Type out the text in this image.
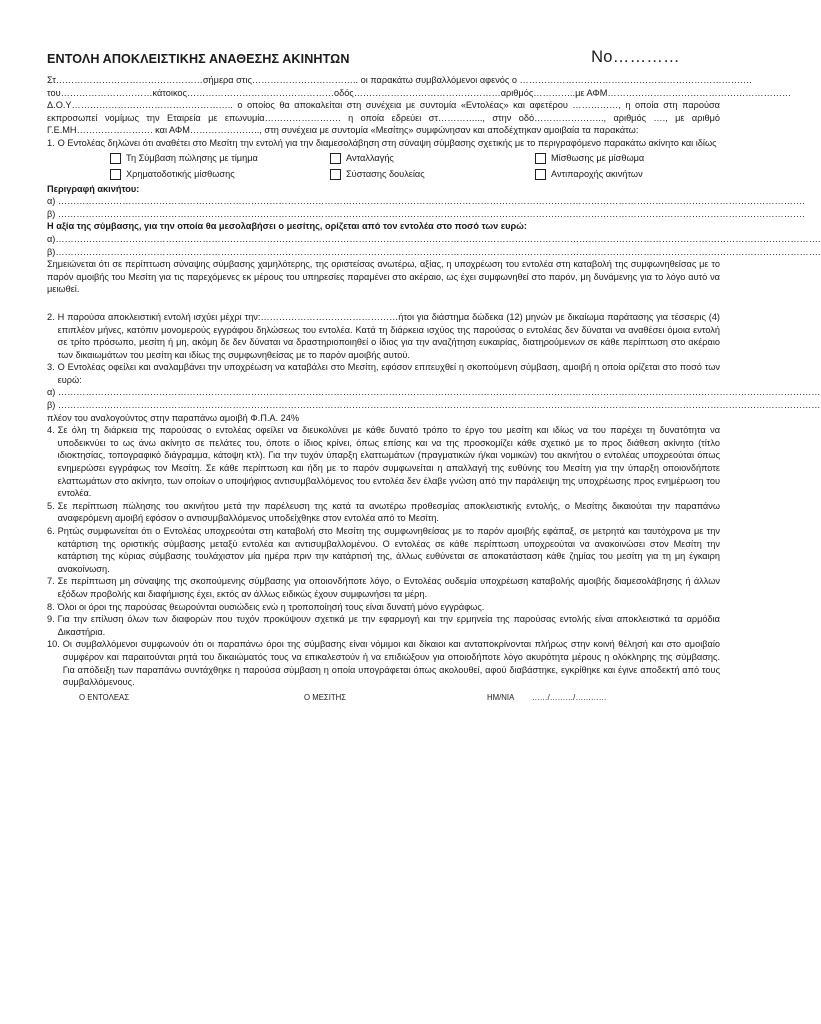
ΕΝΤΟΛΗ ΑΠΟΚΛΕΙΣΤΙΚΗΣ ΑΝΑΘΕΣΗΣ ΑΚΙΝΗΤΩΝ	Νο…………
Στ…………………………………………σήμερα στις…………………………….. οι παρακάτω συμβαλλόμενοι αφενός ο ………………………………………………………………….
του…………………………κάτοικος…………………………………………οδός…………………………………………αριθμός…………..με ΑΦΜ……………………………………………………

Δ.Ο.Υ…………………………………………….. ο οποίος θα αποκαλείται στη συνέχεια με συντομία «Εντολέας» και αφετέρου ……………, η οποία στη παρούσα εκπροσωπεί νομίμως την Εταιρεία με επωνυμία……………………. η οποία εδρεύει στ…………..., στην οδό………………….., αριθμός …., με αριθμό Γ.Ε.ΜΗ……………………. και ΑΦΜ………………….., στη συνέχεια με συντομία «Μεσίτης» συμφώνησαν και αποδέχτηκαν αμοιβαία τα παρακάτω:

1. Ο Εντολέας δηλώνει ότι αναθέτει στο Μεσίτη την εντολή για την διαμεσολάβηση στη σύναψη σύμβασης σχετικής με το περιγραφόμενο παρακάτω ακίνητο και ιδίως
Τη Σύμβαση πώλησης με τίμημα	Ανταλλαγής	Μίσθωσης με μίσθωμα
Χρηματοδοτικής μίσθωσης	Σύστασης δουλείας	Αντιπαροχής ακινήτων

Περιγραφή ακινήτου:

α) ……………………………………………………………………………………………………………………………………………………………………………………………………………………….
β) ……………………………………………………………………………………………………………………………………………………………………………………………………………………….

Η αξία της σύμβασης, για την οποία θα μεσολαβήσει ο μεσίτης, ορίζεται από τον εντολέα στο ποσό των ευρώ:

α)…………………………………………………………………………………………………………………………………………………………………………………………………………………………….
β)…………………………………………………………………………………………………………………………………………………………………………………………………………………………….

Σημειώνεται ότι σε περίπτωση σύναψης σύμβασης χαμηλότερης, της οριστείσας ανωτέρω, αξίας, η υποχρέωση του εντολέα στη καταβολή της συμφωνηθείσας με το παρόν αμοιβής του Μεσίτη για τις παρεχόμενες εκ μέρους του υπηρεσίες παραμένει στο ακέραιο, ως έχει συμφωνηθεί στο παρόν, μη δυνάμενης για το λόγο αυτό να μειωθεί.

2. Η παρούσα αποκλειστική εντολή ισχύει μέχρι την:………………………………………ήτοι για διάστημα δώδεκα (12) μηνών με δικαίωμα παράτασης για τέσσερις (4) επιπλέον μήνες, κατόπιν μονομερούς εγγράφου δηλώσεως του εντολέα. Κατά τη διάρκεια ισχύος της παρούσας ο εντολέας δεν δύναται να αναθέσει όμοια εντολή σε τρίτο πρόσωπο, μεσίτη ή μη, ακόμη δε δεν δύναται να δραστηριοποιηθεί ο ίδιος για την αναζήτηση ευκαιρίας, διατηρούμενων σε κάθε περίπτωση στο ακέραιο των δικαιωμάτων του μεσίτη και ιδίως της συμφωνηθείσας με το παρόν αμοιβής αυτού.
3. Ο Εντολέας οφείλει και αναλαμβάνει την υποχρέωση να καταβάλει στο Μεσίτη, εφόσον επιτευχθεί η σκοπούμενη σύμβαση, αμοιβή η οποία ορίζεται στο ποσό των ευρώ:
α) ……………………………………………………………………………………………………………………………………………………………………………………………………………………………
β) ……………………………………………………………………………………………………………………………………………………………………………………………………………………………

πλέον του αναλογούντος στην παραπάνω αμοιβή Φ.Π.Α. 24%

4. Σε όλη τη διάρκεια της παρούσας ο εντολέας οφείλει να διευκολύνει με κάθε δυνατό τρόπο το έργο του μεσίτη και ιδίως να του παρέχει τη δυνατότητα να υποδεικνύει το ως άνω ακίνητο σε πελάτες του, όποτε ο ίδιος κρίνει, όπως επίσης και να της προσκομίζει κάθε σχετικό με το προς διάθεση ακίνητο (τίτλο ιδιοκτησίας, τοπογραφικό διάγραμμα, κάτοψη κτλ). Για την τυχόν ύπαρξη ελαττωμάτων (πραγματικών ή/και νομικών) του ακινήτου ο εντολέας υποχρεούται όπως ενημερώσει εγγράφως τον Μεσίτη. Σε κάθε περίπτωση και ήδη με το παρόν συμφωνείται η απαλλαγή της ευθύνης του Μεσίτη για την ύπαρξη οποιονδήποτε ελαττωμάτων στο ακίνητο, των οποίων ο υποψήφιος αντισυμβαλλόμενος του εντολέα δεν έλαβε γνώση από την παράλειψη της υποχρέωσης προς ενημέρωση του εντολέα.
5. Σε περίπτωση πώλησης του ακινήτου μετά την παρέλευση της κατά τα ανωτέρω προθεσμίας αποκλειστικής εντολής, ο Μεσίτης δικαιούται την παραπάνω αναφερόμενη αμοιβή εφόσον ο αντισυμβαλλόμενος υποδείχθηκε στον εντολέα από το Μεσίτη.
6. Ρητώς συμφωνείται ότι ο Εντολέας υποχρεούται στη καταβολή στο Μεσίτη της συμφωνηθείσας με το παρόν αμοιβής εφάπαξ, σε μετρητά και ταυτόχρονα με την κατάρτιση της οριστικής σύμβασης μεταξύ εντολέα και αντισυμβαλλομένου. Ο εντολέας σε κάθε περίπτωση υποχρεούται να ανακοινώσει στον Μεσίτη την κατάρτιση της κύριας σύμβασης τουλάχιστον μία ημέρα πριν την κατάρτισή της, άλλως ευθύνεται σε αποκατάσταση κάθε ζημίας του μεσίτη για τη μη έγκαιρη ανακοίνωση.
7. Σε περίπτωση μη σύναψης της σκοπούμενης σύμβασης για οποιονδήποτε λόγο, ο Εντολέας ουδεμία υποχρέωση καταβολής αμοιβής διαμεσολάβησης ή άλλων εξόδων προβολής και διαφήμισης έχει, εκτός αν άλλως ειδικώς έχουν συμφωνήσει τα μέρη.
8. Όλοι οι όροι της παρούσας θεωρούνται ουσιώδεις ενώ η τροποποίησή τους είναι δυνατή μόνο εγγράφως.
9. Για την επίλυση όλων των διαφορών που τυχόν προκύψουν σχετικά με την εφαρμογή και την ερμηνεία της παρούσας εντολής είναι αποκλειστικά τα αρμόδια Δικαστήρια.
10. Οι συμβαλλόμενοι συμφωνούν ότι οι παραπάνω όροι της σύμβασης είναι νόμιμοι και δίκαιοι και ανταποκρίνονται πλήρως στην κοινή θέλησή και στο αμοιβαίο συμφέρον και παραιτούνται ρητά του δικαιώματός τους να επικαλεστούν ή να επιδιώξουν για οποιοδήποτε λόγο ακυρότητα μέρους η ολόκληρης της σύμβασης. Για απόδειξη των παραπάνω συντάχθηκε η παρούσα σύμβαση η οποία υπογράφεται όπως ακολουθεί, αφού διαβάστηκε, εγκρίθηκε και έγινε αποδεκτή από τους συμβαλλόμενους.
Ο ΕΝΤΟΛΕΑΣ	Ο ΜΕΣΙΤΗΣ	ΗΜ/ΝΙΑ	……/………/…………
